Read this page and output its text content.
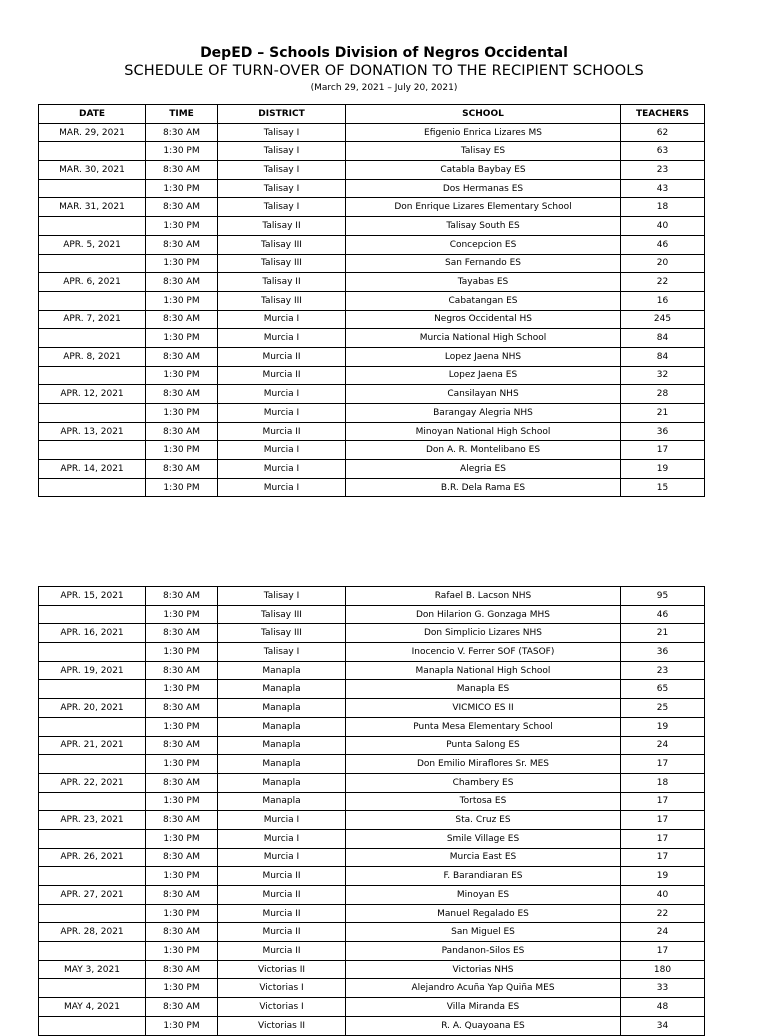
DepED – Schools Division of Negros Occidental
SCHEDULE OF TURN-OVER OF DONATION TO THE RECIPIENT SCHOOLS
(March 29, 2021 – July 20, 2021)
DATE	TIME	DISTRICT	SCHOOL	TEACHERS
MAR. 29, 2021	8:30 AM	Talisay I	Efigenio Enrica Lizares MS	62
	1:30 PM	Talisay I	Talisay ES	63
MAR. 30, 2021	8:30 AM	Talisay I	Catabla Baybay ES	23
	1:30 PM	Talisay I	Dos Hermanas ES	43
MAR. 31, 2021	8:30 AM	Talisay I	Don Enrique Lizares Elementary School	18
	1:30 PM	Talisay II	Talisay South ES	40
APR. 5, 2021	8:30 AM	Talisay III	Concepcion ES	46
	1:30 PM	Talisay III	San Fernando ES	20
APR. 6, 2021	8:30 AM	Talisay II	Tayabas ES	22
	1:30 PM	Talisay III	Cabatangan ES	16
APR. 7, 2021	8:30 AM	Murcia I	Negros Occidental HS	245
	1:30 PM	Murcia I	Murcia National High School	84
APR. 8, 2021	8:30 AM	Murcia II	Lopez Jaena NHS	84
	1:30 PM	Murcia II	Lopez Jaena ES	32
APR. 12, 2021	8:30 AM	Murcia I	Cansilayan NHS	28
	1:30 PM	Murcia I	Barangay Alegria NHS	21
APR. 13, 2021	8:30 AM	Murcia II	Minoyan National High School	36
	1:30 PM	Murcia I	Don A. R. Montelibano ES	17
APR. 14, 2021	8:30 AM	Murcia I	Alegria ES	19
	1:30 PM	Murcia I	B.R. Dela Rama ES	15
APR. 15, 2021	8:30 AM	Talisay I	Rafael B. Lacson NHS	95
	1:30 PM	Talisay III	Don Hilarion G. Gonzaga MHS	46
APR. 16, 2021	8:30 AM	Talisay III	Don Simplicio Lizares NHS	21
	1:30 PM	Talisay I	Inocencio V. Ferrer SOF (TASOF)	36
APR. 19, 2021	8:30 AM	Manapla	Manapla National High School	23
	1:30 PM	Manapla	Manapla ES	65
APR. 20, 2021	8:30 AM	Manapla	VICMICO ES II	25
	1:30 PM	Manapla	Punta Mesa Elementary School	19
APR. 21, 2021	8:30 AM	Manapla	Punta Salong ES	24
	1:30 PM	Manapla	Don Emilio Miraflores Sr. MES	17
APR. 22, 2021	8:30 AM	Manapla	Chambery ES	18
	1:30 PM	Manapla	Tortosa ES	17
APR. 23, 2021	8:30 AM	Murcia I	Sta. Cruz ES	17
	1:30 PM	Murcia I	Smile Village ES	17
APR. 26, 2021	8:30 AM	Murcia I	Murcia East ES	17
	1:30 PM	Murcia II	F. Barandiaran ES	19
APR. 27, 2021	8:30 AM	Murcia II	Minoyan ES	40
	1:30 PM	Murcia II	Manuel Regalado ES	22
APR. 28, 2021	8:30 AM	Murcia II	San Miguel ES	24
	1:30 PM	Murcia II	Pandanon-Silos ES	17
MAY 3, 2021	8:30 AM	Victorias II	Victorias NHS	180
	1:30 PM	Victorias I	Alejandro Acuña Yap Quiña MES	33
MAY 4, 2021	8:30 AM	Victorias I	Villa Miranda ES	48
	1:30 PM	Victorias II	R. A. Quayoana ES	34
